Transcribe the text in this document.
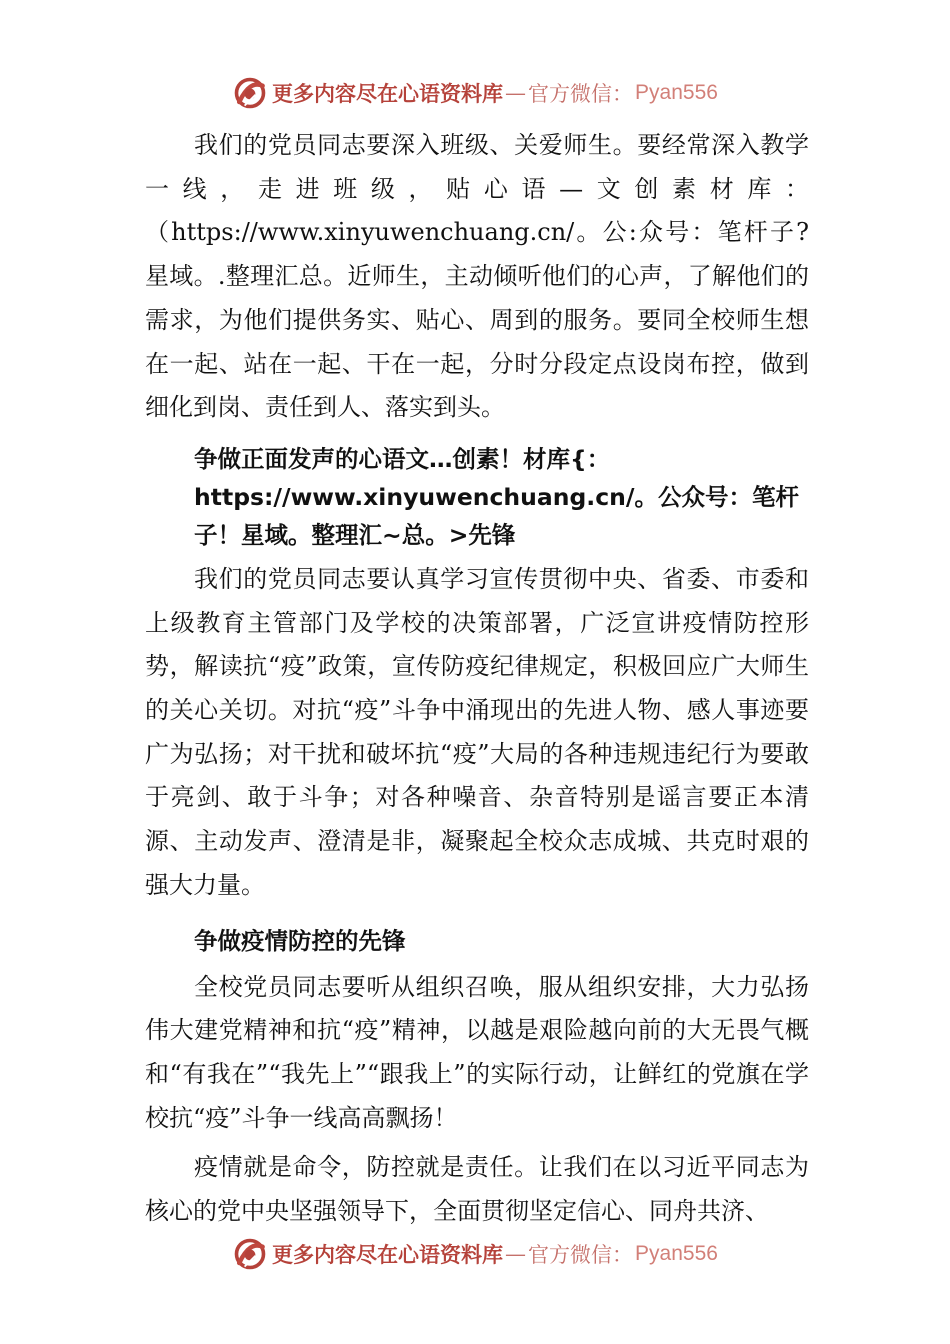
更多内容尽在心语资料库 — 官方微信： Pyan556

我们的党员同志要深入班级、关爱师生。要经常深入教学一线，走进班级，贴心语—文创素材库：（https://www.xinyuwenchuang.cn/。公:众号：笔杆子?星域。.整理汇总。近师生，主动倾听他们的心声，了解他们的需求，为他们提供务实、贴心、周到的服务。要同全校师生想在一起、站在一起、干在一起，分时分段定点设岗布控，做到细化到岗、责任到人、落实到头。

争做正面发声的心语文…创素！材库{：https://www.xinyuwenchuang.cn/。公众号：笔杆子！星域。整理汇~总。>先锋

我们的党员同志要认真学习宣传贯彻中央、省委、市委和上级教育主管部门及学校的决策部署，广泛宣讲疫情防控形势，解读抗“疫”政策，宣传防疫纪律规定，积极回应广大师生的关心关切。对抗“疫”斗争中涌现出的先进人物、感人事迹要广为弘扬；对干扰和破坏抗“疫”大局的各种违规违纪行为要敢于亮剑、敢于斗争；对各种噪音、杂音特别是谣言要正本清源、主动发声、澄清是非，凝聚起全校众志成城、共克时艰的强大力量。

争做疫情防控的先锋

全校党员同志要听从组织召唤，服从组织安排，大力弘扬伟大建党精神和抗“疫”精神，以越是艰险越向前的大无畏气概和“有我在”“我先上”“跟我上”的实际行动，让鲜红的党旗在学校抗“疫”斗争一线高高飘扬！

疫情就是命令，防控就是责任。让我们在以习近平同志为核心的党中央坚强领导下，全面贯彻坚定信心、同舟共济、

更多内容尽在心语资料库 — 官方微信： Pyan556
